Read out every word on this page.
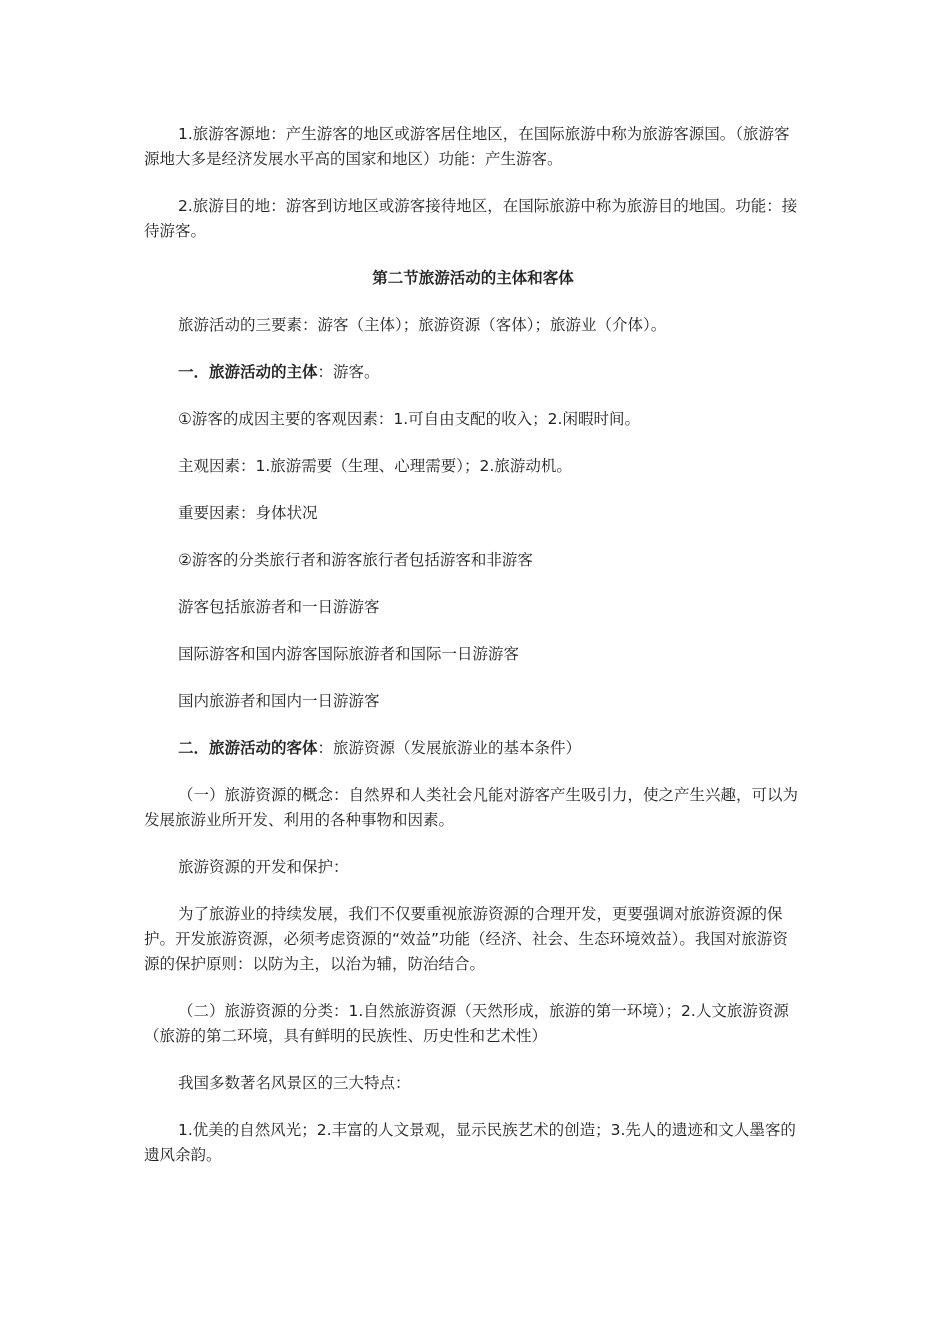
1.旅游客源地：产生游客的地区或游客居住地区，在国际旅游中称为旅游客源国。（旅游客源地大多是经济发展水平高的国家和地区）功能：产生游客。

2.旅游目的地：游客到访地区或游客接待地区，在国际旅游中称为旅游目的地国。功能：接待游客。

第二节旅游活动的主体和客体

旅游活动的三要素：游客（主体）；旅游资源（客体）；旅游业（介体）。

一．旅游活动的主体：游客。

①游客的成因主要的客观因素：1.可自由支配的收入；2.闲暇时间。

主观因素：1.旅游需要（生理、心理需要）；2.旅游动机。

重要因素：身体状况

②游客的分类旅行者和游客旅行者包括游客和非游客

游客包括旅游者和一日游游客

国际游客和国内游客国际旅游者和国际一日游游客

国内旅游者和国内一日游游客

二．旅游活动的客体：旅游资源（发展旅游业的基本条件）

（一）旅游资源的概念：自然界和人类社会凡能对游客产生吸引力，使之产生兴趣，可以为发展旅游业所开发、利用的各种事物和因素。

旅游资源的开发和保护：

为了旅游业的持续发展，我们不仅要重视旅游资源的合理开发，更要强调对旅游资源的保护。开发旅游资源，必须考虑资源的“效益”功能（经济、社会、生态环境效益）。我国对旅游资源的保护原则：以防为主，以治为辅，防治结合。

（二）旅游资源的分类：1.自然旅游资源（天然形成，旅游的第一环境）；2.人文旅游资源（旅游的第二环境，具有鲜明的民族性、历史性和艺术性）

我国多数著名风景区的三大特点：

1.优美的自然风光；2.丰富的人文景观，显示民族艺术的创造；3.先人的遗迹和文人墨客的遗风余韵。
